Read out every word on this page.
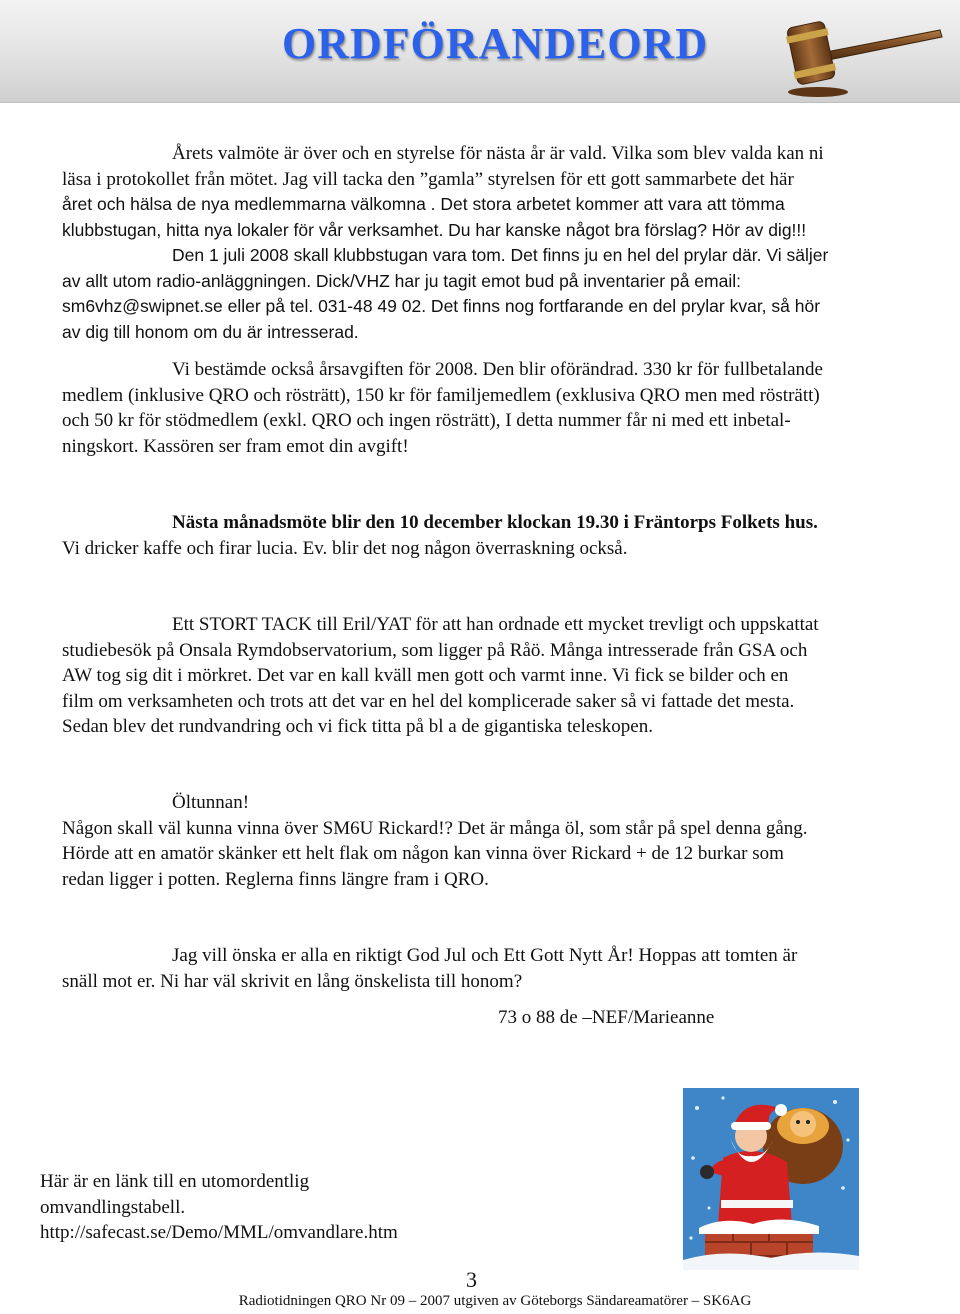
ORDFÖRANDEORD
Årets valmöte är över och en styrelse för nästa år är vald. Vilka som blev valda kan ni
läsa i protokollet från mötet. Jag vill tacka den ”gamla” styrelsen för ett gott sammarbete det här
året och hälsa de nya medlemmarna välkomna . Det stora arbetet kommer att vara att tömma
klubbstugan, hitta nya lokaler för vår verksamhet. Du har kanske något bra förslag? Hör av dig!!!
Den 1 juli 2008 skall klubbstugan vara tom. Det finns ju en hel del prylar där. Vi säljer
av allt utom radio-anläggningen. Dick/VHZ har ju tagit emot bud på inventarier på email:
sm6vhz@swipnet.se eller på tel. 031-48 49 02. Det finns nog fortfarande en del prylar kvar, så hör
av dig till honom om du är intresserad.
Vi bestämde också årsavgiften för 2008. Den blir oförändrad. 330 kr för fullbetalande
medlem (inklusive QRO och rösträtt), 150 kr för familjemedlem (exklusiva QRO men med rösträtt)
och 50 kr för stödmedlem (exkl. QRO och ingen rösträtt), I detta nummer får ni med ett inbetal-
ningskort. Kassören ser fram emot din avgift!
Nästa månadsmöte blir den 10 december klockan 19.30 i Fräntorps Folkets hus.
Vi dricker kaffe och firar lucia. Ev. blir det nog någon överraskning också.
Ett STORT TACK till Eril/YAT för att han ordnade ett mycket trevligt och uppskattat
studiebesök på Onsala Rymdobservatorium, som ligger på Råö. Många intresserade från GSA och
AW tog sig dit i mörkret. Det var en kall kväll men gott och varmt inne. Vi fick se bilder och en
film om verksamheten och trots att det var en hel del komplicerade saker så vi fattade det mesta.
Sedan blev det rundvandring och vi fick titta på bl a de gigantiska teleskopen.
Öltunnan!
Någon skall väl kunna vinna över SM6U Rickard!? Det är många öl, som står på spel denna gång.
Hörde att en amatör skänker ett helt flak om någon kan vinna över Rickard + de 12 burkar som
redan ligger i potten. Reglerna finns längre fram i QRO.
Jag vill önska er alla en riktigt God Jul och Ett Gott Nytt År! Hoppas att tomten är
snäll mot er. Ni har väl skrivit en lång önskelista till honom?
73 o 88 de –NEF/Marieanne
Här är en länk till en utomordentlig
omvandlingstabell.
http://safecast.se/Demo/MML/omvandlare.htm
3
Radiotidningen QRO Nr 09 – 2007 utgiven av Göteborgs Sändareamatörer – SK6AG
